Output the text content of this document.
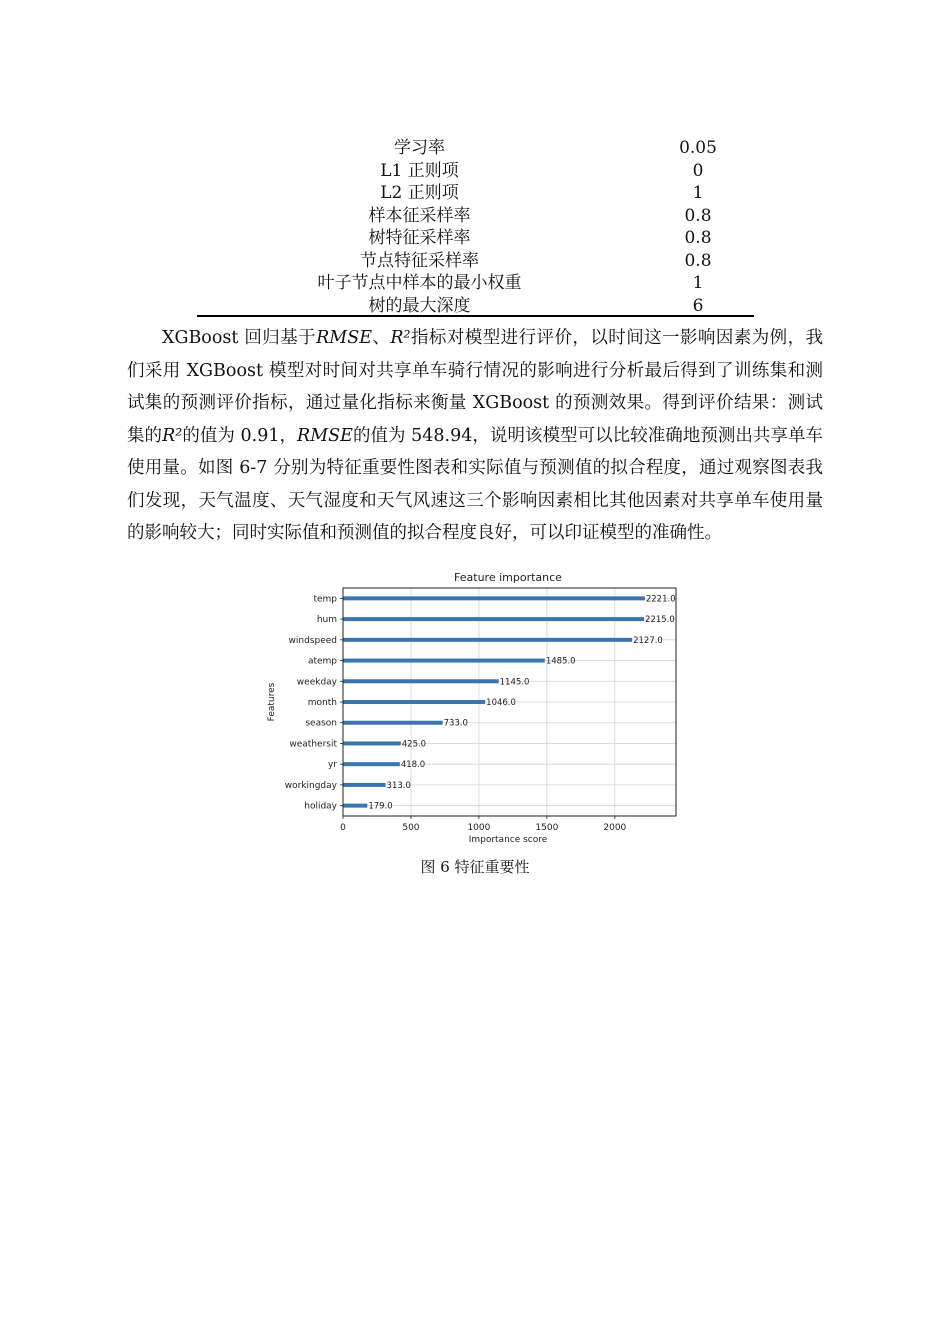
学习率	0.05
L1 正则项	0
L2 正则项	1
样本征采样率	0.8
树特征采样率	0.8
节点特征采样率	0.8
叶子节点中样本的最小权重	1
树的最大深度	6

XGBoost 回归基于RMSE、R²指标对模型进行评价，以时间这一影响因素为例，我们采用 XGBoost 模型对时间对共享单车骑行情况的影响进行分析最后得到了训练集和测试集的预测评价指标，通过量化指标来衡量 XGBoost 的预测效果。得到评价结果：测试集的R²的值为 0.91，RMSE的值为 548.94，说明该模型可以比较准确地预测出共享单车使用量。如图 6-7 分别为特征重要性图表和实际值与预测值的拟合程度，通过观察图表我们发现，天气温度、天气湿度和天气风速这三个影响因素相比其他因素对共享单车使用量的影响较大；同时实际值和预测值的拟合程度良好，可以印证模型的准确性。

Feature importance
0	500	1000	1500	2000
temp
hum
windspeed
atemp
weekday
month
season
weathersit
yr
workingday
holiday
2221.0
2215.0
2127.0
1485.0
1145.0
1046.0
733.0
425.0
418.0
313.0
179.0
Importance score
Features
图 6 特征重要性
